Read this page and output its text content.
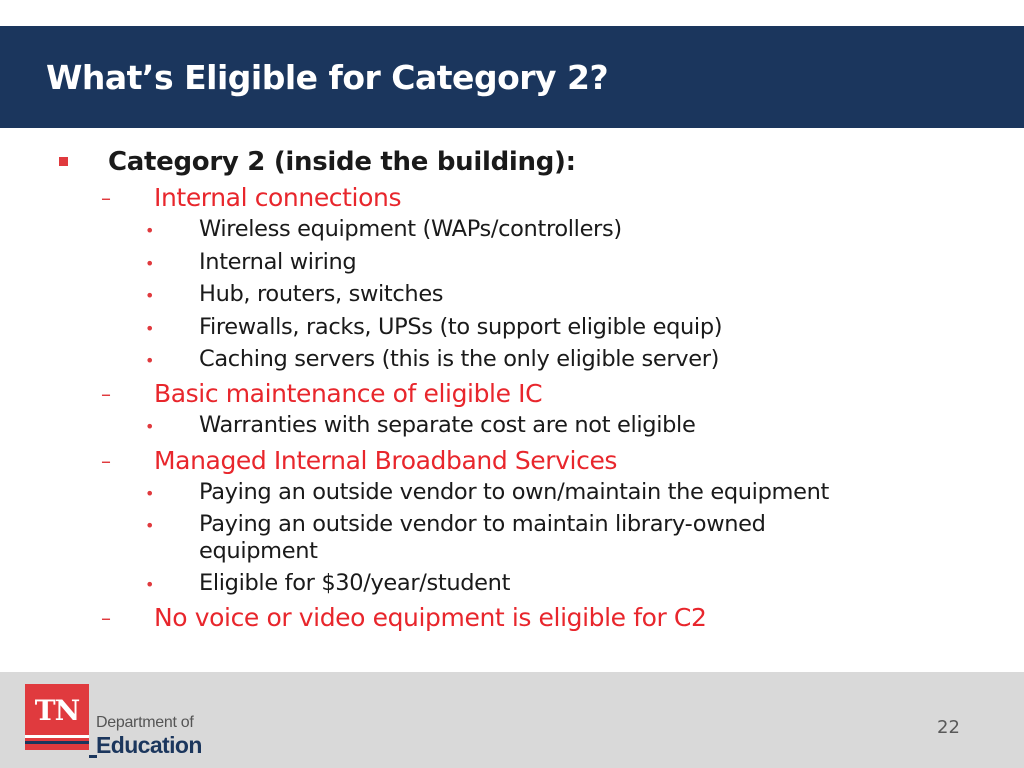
What’s Eligible for Category 2?
Category 2 (inside the building):
– Internal connections
• Wireless equipment (WAPs/controllers)
• Internal wiring
• Hub, routers, switches
• Firewalls, racks, UPSs (to support eligible equip)
• Caching servers (this is the only eligible server)
– Basic maintenance of eligible IC
• Warranties with separate cost are not eligible
– Managed Internal Broadband Services
• Paying an outside vendor to own/maintain the equipment
• Paying an outside vendor to maintain library-owned equipment
• Eligible for $30/year/student
– No voice or video equipment is eligible for C2
TN	Department of
Education
22
